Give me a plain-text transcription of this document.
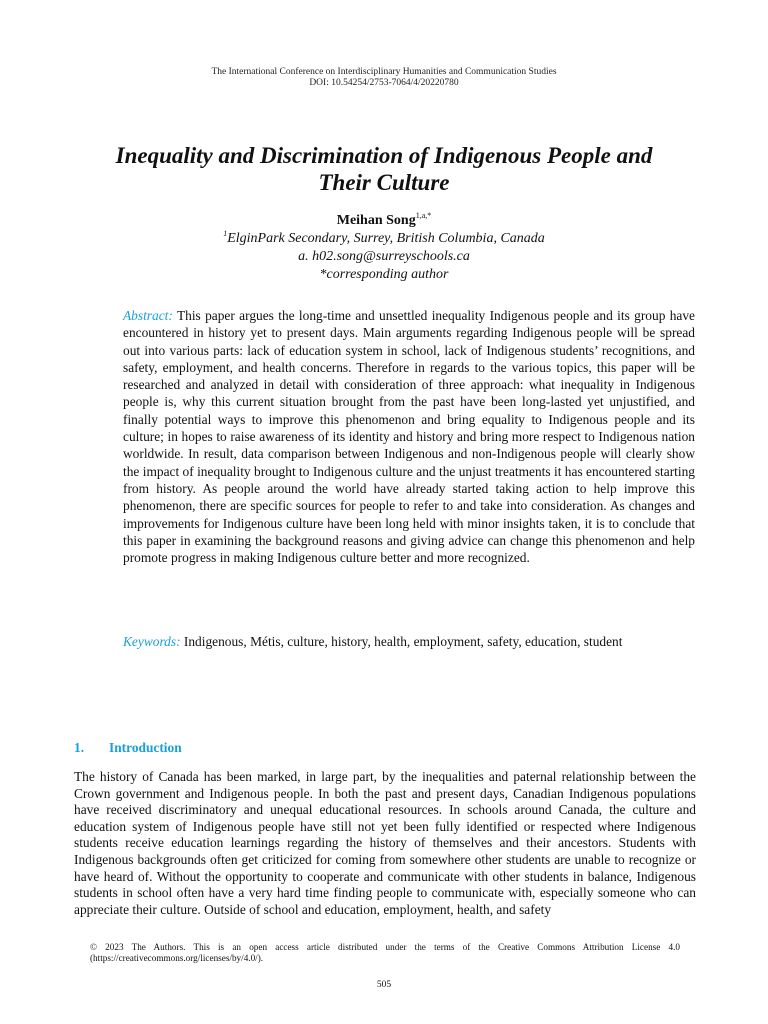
The International Conference on Interdisciplinary Humanities and Communication Studies
DOI: 10.54254/2753-7064/4/20220780
Inequality and Discrimination of Indigenous People and
Their Culture
Meihan Song$^{1,a,*}$
$^1$ElginPark Secondary, Surrey, British Columbia, Canada
a. h02.song@surreyschools.ca
*corresponding author
Abstract: This paper argues the long-time and unsettled inequality Indigenous people and its group have encountered in history yet to present days. Main arguments regarding Indigenous people will be spread out into various parts: lack of education system in school, lack of Indigenous students’ recognitions, and safety, employment, and health concerns. Therefore in regards to the various topics, this paper will be researched and analyzed in detail with consideration of three approach: what inequality in Indigenous people is, why this current situation brought from the past have been long-lasted yet unjustified, and finally potential ways to improve this phenomenon and bring equality to Indigenous people and its culture; in hopes to raise awareness of its identity and history and bring more respect to Indigenous nation worldwide. In result, data comparison between Indigenous and non-Indigenous people will clearly show the impact of inequality brought to Indigenous culture and the unjust treatments it has encountered starting from history. As people around the world have already started taking action to help improve this phenomenon, there are specific sources for people to refer to and take into consideration. As changes and improvements for Indigenous culture have been long held with minor insights taken, it is to conclude that this paper in examining the background reasons and giving advice can change this phenomenon and help promote progress in making Indigenous culture better and more recognized.
Keywords: Indigenous, Métis, culture, history, health, employment, safety, education, student
1. Introduction
The history of Canada has been marked, in large part, by the inequalities and paternal relationship between the Crown government and Indigenous people. In both the past and present days, Canadian Indigenous populations have received discriminatory and unequal educational resources. In schools around Canada, the culture and education system of Indigenous people have still not yet been fully identified or respected where Indigenous students receive education learnings regarding the history of themselves and their ancestors. Students with Indigenous backgrounds often get criticized for coming from somewhere other students are unable to recognize or have heard of. Without the opportunity to cooperate and communicate with other students in balance, Indigenous students in school often have a very hard time finding people to communicate with, especially someone who can appreciate their culture. Outside of school and education, employment, health, and safety
© 2023 The Authors. This is an open access article distributed under the terms of the Creative Commons Attribution License 4.0 (https://creativecommons.org/licenses/by/4.0/).
505
